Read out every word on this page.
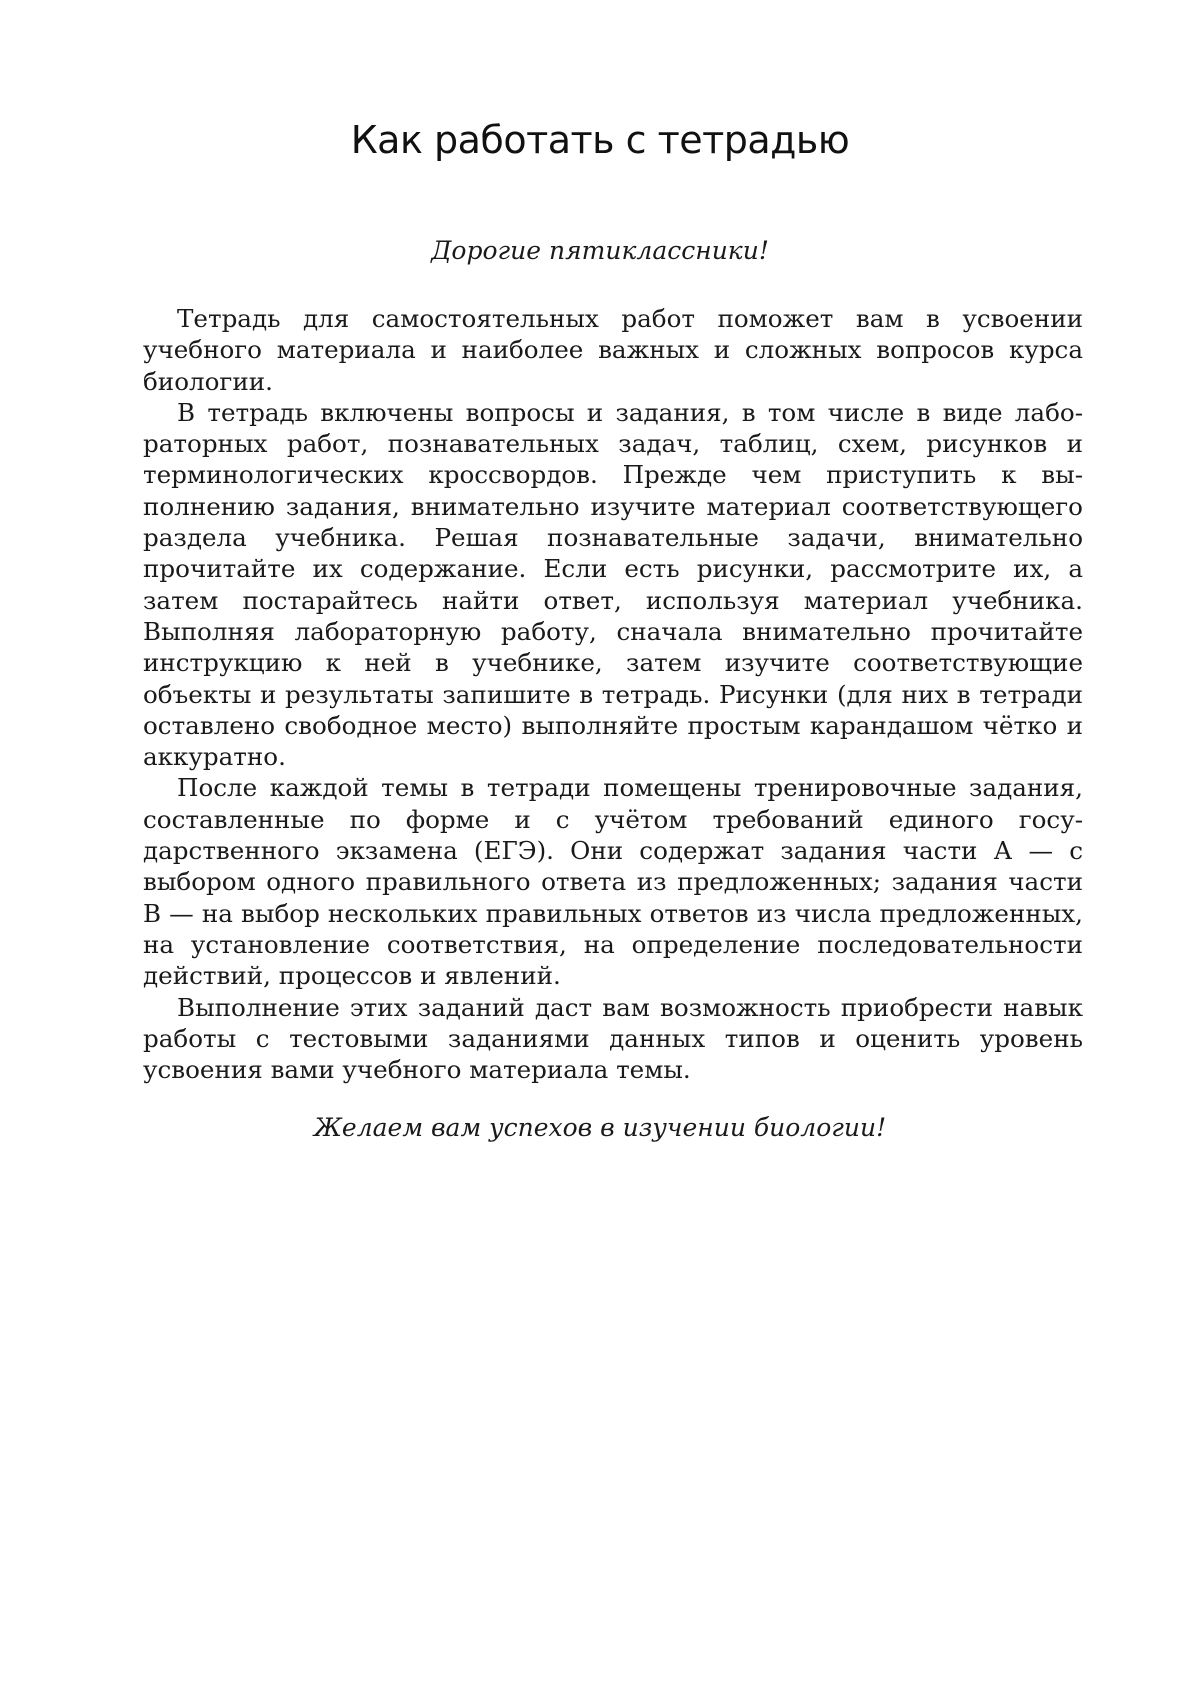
Как работать с тетрадью

Дорогие пятиклассники!

Тетрадь для самостоятельных работ поможет вам в усвоении учебного материала и наиболее важных и сложных вопросов курса биологии.

В тетрадь включены вопросы и задания, в том числе в виде лабораторных работ, познавательных задач, таблиц, схем, рисунков и терминологических кроссвордов. Прежде чем приступить к выполнению задания, внимательно изучите материал соответствующего раздела учебника. Решая познавательные задачи, внимательно прочитайте их содержание. Если есть рисунки, рассмотрите их, а затем постарайтесь найти ответ, используя материал учебника. Выполняя лабораторную работу, сначала внимательно прочитайте инструкцию к ней в учебнике, затем изучите соответствующие объекты и результаты запишите в тетрадь. Рисунки (для них в тетради оставлено свободное место) выполняйте простым карандашом чётко и аккуратно.

После каждой темы в тетради помещены тренировочные задания, составленные по форме и с учётом требований единого государственного экзамена (ЕГЭ). Они содержат задания части А — с выбором одного правильного ответа из предложенных; задания части В — на выбор нескольких правильных ответов из числа предложенных, на установление соответствия, на определение последовательности действий, процессов и явлений.

Выполнение этих заданий даст вам возможность приобрести навык работы с тестовыми заданиями данных типов и оценить уровень усвоения вами учебного материала темы.

Желаем вам успехов в изучении биологии!
